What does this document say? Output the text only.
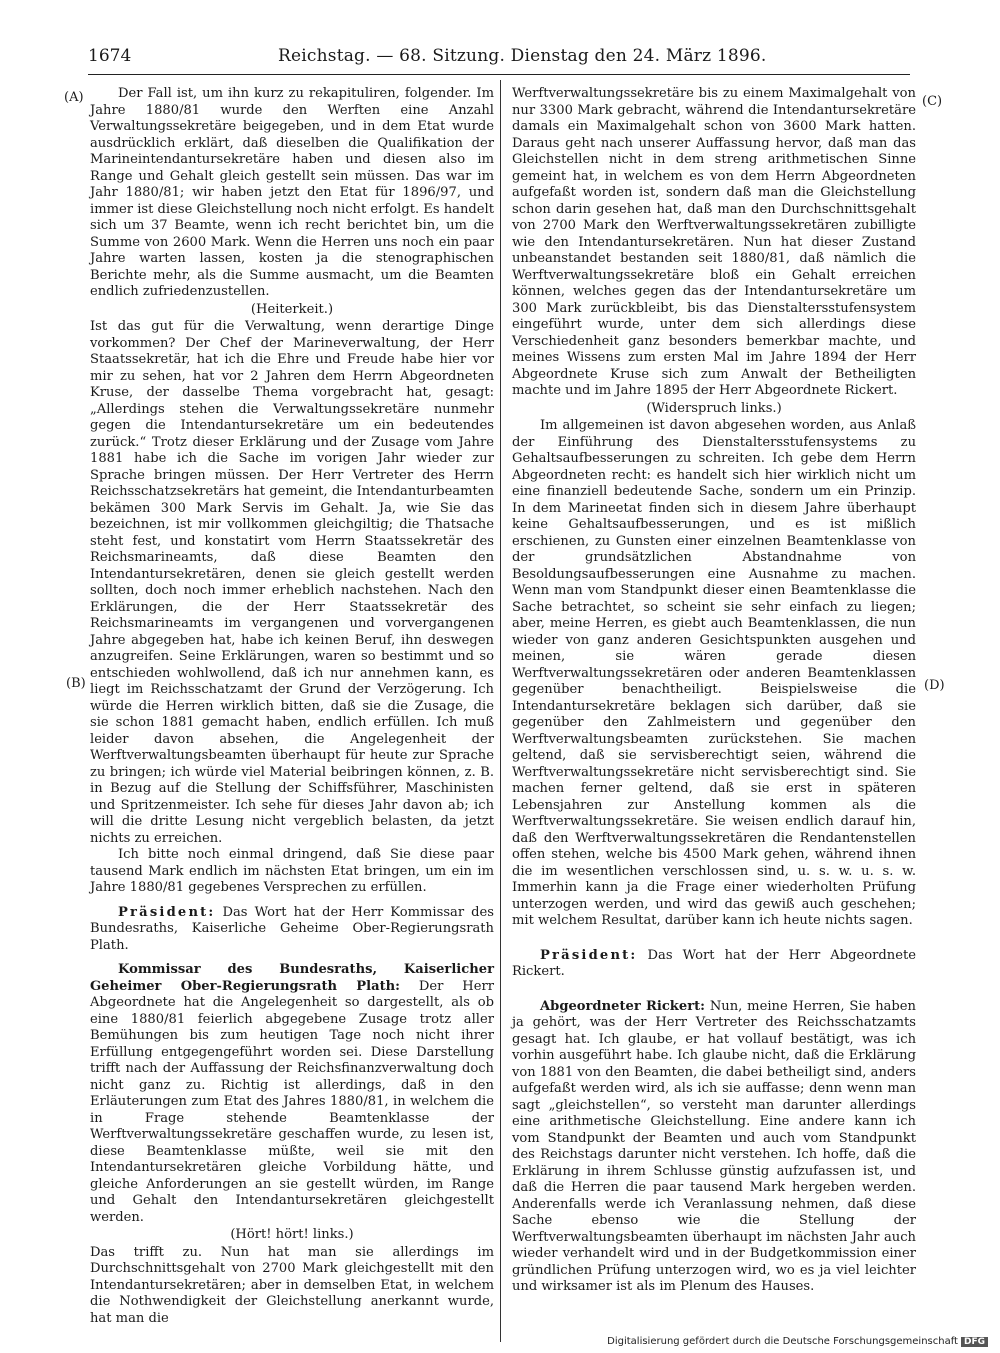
1674	Reichstag. — 68. Sitzung. Dienstag den 24. März 1896.
(A)
(B)
(C)
(D)

Der Fall ist, um ihn kurz zu rekapituliren, folgender. Im Jahre 1880/81 wurde den Werften eine Anzahl Verwaltungssekretäre beigegeben, und in dem Etat wurde ausdrücklich erklärt, daß dieselben die Qualifikation der Marineintendantursekretäre haben und diesen also im Range und Gehalt gleich gestellt sein müssen. Das war im Jahr 1880/81; wir haben jetzt den Etat für 1896/97, und immer ist diese Gleichstellung noch nicht erfolgt. Es handelt sich um 37 Beamte, wenn ich recht berichtet bin, um die Summe von 2600 Mark. Wenn die Herren uns noch ein paar Jahre warten lassen, kosten ja die stenographischen Berichte mehr, als die Summe ausmacht, um die Beamten endlich zufriedenzustellen.

(Heiterkeit.)

Ist das gut für die Verwaltung, wenn derartige Dinge vorkommen? Der Chef der Marineverwaltung, der Herr Staatssekretär, hat ich die Ehre und Freude habe hier vor mir zu sehen, hat vor 2 Jahren dem Herrn Abgeordneten Kruse, der dasselbe Thema vorgebracht hat, gesagt: „Allerdings stehen die Verwaltungssekretäre nunmehr gegen die Intendantursekretäre um ein bedeutendes zurück.“ Trotz dieser Erklärung und der Zusage vom Jahre 1881 habe ich die Sache im vorigen Jahr wieder zur Sprache bringen müssen. Der Herr Vertreter des Herrn Reichsschatzsekretärs hat gemeint, die Intendanturbeamten bekämen 300 Mark Servis im Gehalt. Ja, wie Sie das bezeichnen, ist mir vollkommen gleichgiltig; die Thatsache steht fest, und konstatirt vom Herrn Staatssekretär des Reichsmarineamts, daß diese Beamten den Intendantursekretären, denen sie gleich gestellt werden sollten, doch noch immer erheblich nachstehen. Nach den Erklärungen, die der Herr Staatssekretär des Reichsmarineamts im vergangenen und vorvergangenen Jahre abgegeben hat, habe ich keinen Beruf, ihn deswegen anzugreifen. Seine Erklärungen, waren so bestimmt und so entschieden wohlwollend, daß ich nur annehmen kann, es liegt im Reichsschatzamt der Grund der Verzögerung. Ich würde die Herren wirklich bitten, daß sie die Zusage, die sie schon 1881 gemacht haben, endlich erfüllen. Ich muß leider davon absehen, die Angelegenheit der Werftverwaltungsbeamten überhaupt für heute zur Sprache zu bringen; ich würde viel Material beibringen können, z. B. in Bezug auf die Stellung der Schiffsführer, Maschinisten und Spritzenmeister. Ich sehe für dieses Jahr davon ab; ich will die dritte Lesung nicht vergeblich belasten, da jetzt nichts zu erreichen.

Ich bitte noch einmal dringend, daß Sie diese paar tausend Mark endlich im nächsten Etat bringen, um ein im Jahre 1880/81 gegebenes Versprechen zu erfüllen.

Präsident: Das Wort hat der Herr Kommissar des Bundesraths, Kaiserliche Geheime Ober-Regierungsrath Plath.

Kommissar des Bundesraths, Kaiserlicher Geheimer Ober-Regierungsrath Plath: Der Herr Abgeordnete hat die Angelegenheit so dargestellt, als ob eine 1880/81 feierlich abgegebene Zusage trotz aller Bemühungen bis zum heutigen Tage noch nicht ihrer Erfüllung entgegengeführt worden sei. Diese Darstellung trifft nach der Auffassung der Reichsfinanzverwaltung doch nicht ganz zu. Richtig ist allerdings, daß in den Erläuterungen zum Etat des Jahres 1880/81, in welchem die in Frage stehende Beamtenklasse der Werftverwaltungssekretäre geschaffen wurde, zu lesen ist, diese Beamtenklasse müßte, weil sie mit den Intendantursekretären gleiche Vorbildung hätte, und gleiche Anforderungen an sie gestellt würden, im Range und Gehalt den Intendantursekretären gleichgestellt werden.

(Hört! hört! links.)

Das trifft zu. Nun hat man sie allerdings im Durchschnittsgehalt von 2700 Mark gleichgestellt mit den Intendantursekretären; aber in demselben Etat, in welchem die Nothwendigkeit der Gleichstellung anerkannt wurde, hat man die

Werftverwaltungssekretäre bis zu einem Maximalgehalt von nur 3300 Mark gebracht, während die Intendantursekretäre damals ein Maximalgehalt schon von 3600 Mark hatten. Daraus geht nach unserer Auffassung hervor, daß man das Gleichstellen nicht in dem streng arithmetischen Sinne gemeint hat, in welchem es von dem Herrn Abgeordneten aufgefaßt worden ist, sondern daß man die Gleichstellung schon darin gesehen hat, daß man den Durchschnittsgehalt von 2700 Mark den Werftverwaltungssekretären zubilligte wie den Intendantursekretären. Nun hat dieser Zustand unbeanstandet bestanden seit 1880/81, daß nämlich die Werftverwaltungssekretäre bloß ein Gehalt erreichen können, welches gegen das der Intendantursekretäre um 300 Mark zurückbleibt, bis das Dienstaltersstufensystem eingeführt wurde, unter dem sich allerdings diese Verschiedenheit ganz besonders bemerkbar machte, und meines Wissens zum ersten Mal im Jahre 1894 der Herr Abgeordnete Kruse sich zum Anwalt der Betheiligten machte und im Jahre 1895 der Herr Abgeordnete Rickert.

(Widerspruch links.)

Im allgemeinen ist davon abgesehen worden, aus Anlaß der Einführung des Dienstaltersstufensystems zu Gehaltsaufbesserungen zu schreiten. Ich gebe dem Herrn Abgeordneten recht: es handelt sich hier wirklich nicht um eine finanziell bedeutende Sache, sondern um ein Prinzip. In dem Marineetat finden sich in diesem Jahre überhaupt keine Gehaltsaufbesserungen, und es ist mißlich erschienen, zu Gunsten einer einzelnen Beamtenklasse von der grundsätzlichen Abstandnahme von Besoldungsaufbesserungen eine Ausnahme zu machen. Wenn man vom Standpunkt dieser einen Beamtenklasse die Sache betrachtet, so scheint sie sehr einfach zu liegen; aber, meine Herren, es giebt auch Beamtenklassen, die nun wieder von ganz anderen Gesichtspunkten ausgehen und meinen, sie wären gerade diesen Werftverwaltungssekretären oder anderen Beamtenklassen gegenüber benachtheiligt. Beispielsweise die Intendantursekretäre beklagen sich darüber, daß sie gegenüber den Zahlmeistern und gegenüber den Werftverwaltungsbeamten zurückstehen. Sie machen geltend, daß sie servisberechtigt seien, während die Werftverwaltungssekretäre nicht servisberechtigt sind. Sie machen ferner geltend, daß sie erst in späteren Lebensjahren zur Anstellung kommen als die Werftverwaltungssekretäre. Sie weisen endlich darauf hin, daß den Werftverwaltungssekretären die Rendantenstellen offen stehen, welche bis 4500 Mark gehen, während ihnen die im wesentlichen verschlossen sind, u. s. w. u. s. w. Immerhin kann ja die Frage einer wiederholten Prüfung unterzogen werden, und wird das gewiß auch geschehen; mit welchem Resultat, darüber kann ich heute nichts sagen.

Präsident: Das Wort hat der Herr Abgeordnete Rickert.

Abgeordneter Rickert: Nun, meine Herren, Sie haben ja gehört, was der Herr Vertreter des Reichsschatzamts gesagt hat. Ich glaube, er hat vollauf bestätigt, was ich vorhin ausgeführt habe. Ich glaube nicht, daß die Erklärung von 1881 von den Beamten, die dabei betheiligt sind, anders aufgefaßt werden wird, als ich sie auffasse; denn wenn man sagt „gleichstellen“, so versteht man darunter allerdings eine arithmetische Gleichstellung. Eine andere kann ich vom Standpunkt der Beamten und auch vom Standpunkt des Reichstags darunter nicht verstehen. Ich hoffe, daß die Erklärung in ihrem Schlusse günstig aufzufassen ist, und daß die Herren die paar tausend Mark hergeben werden. Anderenfalls werde ich Veranlassung nehmen, daß diese Sache ebenso wie die Stellung der Werftverwaltungsbeamten überhaupt im nächsten Jahr auch wieder verhandelt wird und in der Budgetkommission einer gründlichen Prüfung unterzogen wird, wo es ja viel leichter und wirksamer ist als im Plenum des Hauses.

Digitalisierung gefördert durch die Deutsche Forschungsgemeinschaft DFG
